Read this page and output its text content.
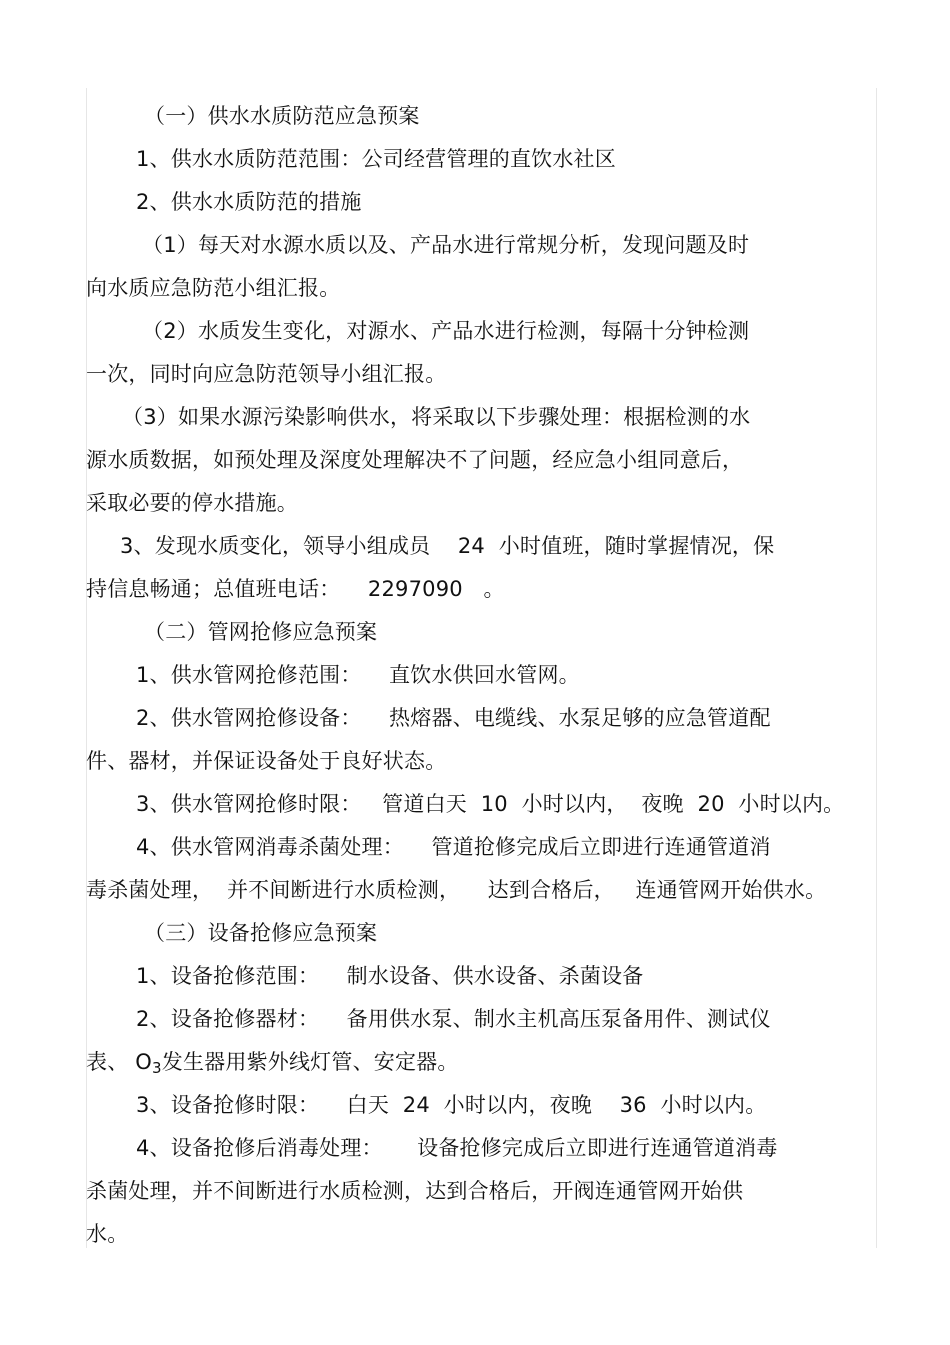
（一）供水水质防范应急预案
1、供水水质防范范围：公司经营管理的直饮水社区
2、供水水质防范的措施
（1）每天对水源水质以及、产品水进行常规分析，发现问题及时
向水质应急防范小组汇报。
（2）水质发生变化，对源水、产品水进行检测，每隔十分钟检测
一次，同时向应急防范领导小组汇报。
（3）如果水源污染影响供水，将采取以下步骤处理：根据检测的水
源水质数据，如预处理及深度处理解决不了问题，经应急小组同意后，
采取必要的停水措施。
3、发现水质变化，领导小组成员    24  小时值班，随时掌握情况，保
持信息畅通；总值班电话：    2297090   。
（二）管网抢修应急预案
1、供水管网抢修范围：    直饮水供回水管网。
2、供水管网抢修设备：    热熔器、电缆线、水泵足够的应急管道配
件、器材，并保证设备处于良好状态。
3、供水管网抢修时限：   管道白天  10  小时以内，  夜晚  20  小时以内。
4、供水管网消毒杀菌处理：    管道抢修完成后立即进行连通管道消
毒杀菌处理，  并不间断进行水质检测，    达到合格后，   连通管网开始供水。
（三）设备抢修应急预案
1、设备抢修范围：    制水设备、供水设备、杀菌设备
2、设备抢修器材：    备用供水泵、制水主机高压泵备用件、测试仪
表、 O3发生器用紫外线灯管、安定器。
3、设备抢修时限：    白天  24  小时以内，夜晚    36  小时以内。
4、设备抢修后消毒处理：     设备抢修完成后立即进行连通管道消毒
杀菌处理，并不间断进行水质检测，达到合格后，开阀连通管网开始供
水。
